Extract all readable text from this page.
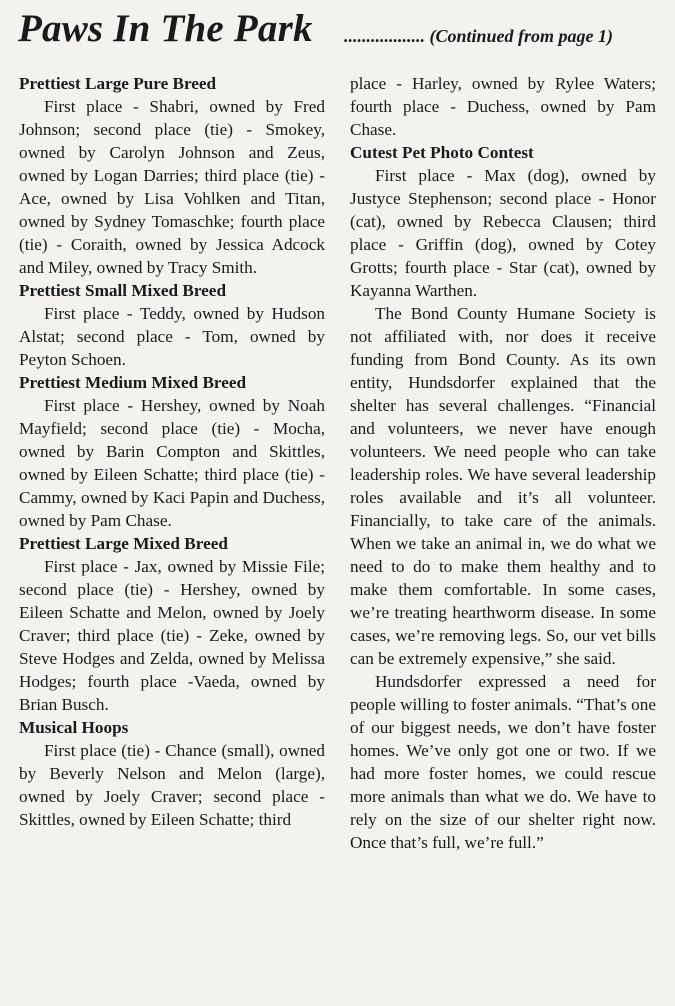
Paws In The Park .................. (Continued from page 1)

Prettiest Large Pure Breed

First place - Shabri, owned by Fred Johnson; second place (tie) - Smokey, owned by Carolyn Johnson and Zeus, owned by Logan Darries; third place (tie) - Ace, owned by Lisa Vohlken and Titan, owned by Sydney Tomaschke; fourth place (tie) - Coraith, owned by Jessica Adcock and Miley, owned by Tracy Smith.

Prettiest Small Mixed Breed

First place - Teddy, owned by Hudson Alstat; second place - Tom, owned by Peyton Schoen.

Prettiest Medium Mixed Breed

First place - Hershey, owned by Noah Mayfield; second place (tie) - Mocha, owned by Barin Compton and Skittles, owned by Eileen Schatte; third place (tie) - Cammy, owned by Kaci Papin and Duchess, owned by Pam Chase.

Prettiest Large Mixed Breed

First place - Jax, owned by Missie File; second place (tie) - Hershey, owned by Eileen Schatte and Melon, owned by Joely Craver; third place (tie) - Zeke, owned by Steve Hodges and Zelda, owned by Melissa Hodges; fourth place -Vaeda, owned by Brian Busch.

Musical Hoops

First place (tie) - Chance (small), owned by Beverly Nelson and Melon (large), owned by Joely Craver; second place - Skittles, owned by Eileen Schatte; third

place - Harley, owned by Rylee Waters; fourth place - Duchess, owned by Pam Chase.

Cutest Pet Photo Contest

First place - Max (dog), owned by Justyce Stephenson; second place - Honor (cat), owned by Rebecca Clausen; third place - Griffin (dog), owned by Cotey Grotts; fourth place - Star (cat), owned by Kayanna Warthen.

The Bond County Humane Society is not affiliated with, nor does it receive funding from Bond County. As its own entity, Hundsdorfer explained that the shelter has several challenges. “Financial and volunteers, we never have enough volunteers. We need people who can take leadership roles. We have several leadership roles available and it’s all volunteer. Financially, to take care of the animals. When we take an animal in, we do what we need to do to make them healthy and to make them comfortable. In some cases, we’re treating hearthworm disease. In some cases, we’re removing legs. So, our vet bills can be extremely expensive,” she said.

Hundsdorfer expressed a need for people willing to foster animals. “That’s one of our biggest needs, we don’t have foster homes. We’ve only got one or two. If we had more foster homes, we could rescue more animals than what we do. We have to rely on the size of our shelter right now. Once that’s full, we’re full.”
